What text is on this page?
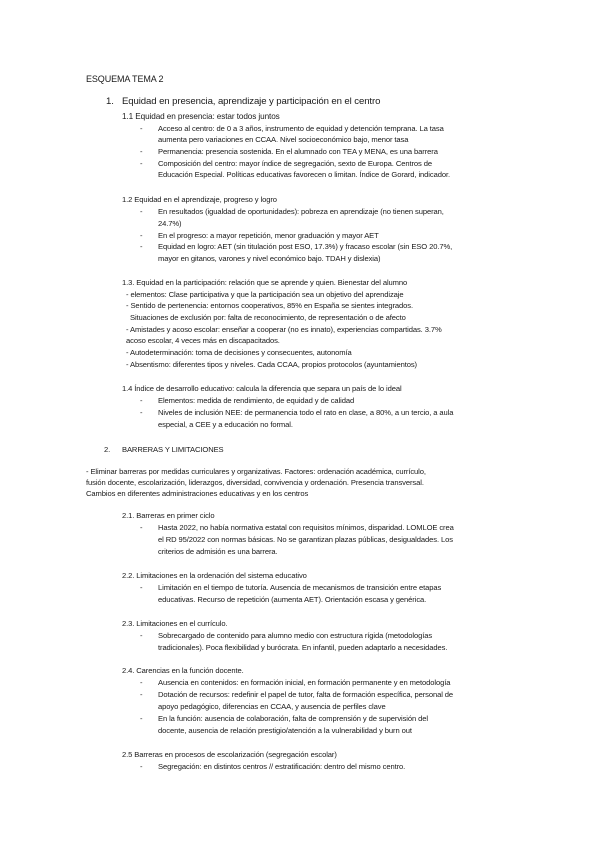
ESQUEMA TEMA 2
1. Equidad en presencia, aprendizaje y participación en el centro
1.1 Equidad en presencia: estar todos juntos
- Acceso al centro: de 0 a 3 años, instrumento de equidad y detención temprana. La tasa
aumenta pero variaciones en CCAA. Nivel socioeconómico bajo, menor tasa
- Permanencia: presencia sostenida. En el alumnado con TEA y MENA, es una barrera
- Composición del centro: mayor índice de segregación, sexto de Europa. Centros de
Educación Especial. Políticas educativas favorecen o limitan. Índice de Gorard, indicador.
1.2 Equidad en el aprendizaje, progreso y logro
- En resultados (igualdad de oportunidades): pobreza en aprendizaje (no tienen superan,
24.7%)
- En el progreso: a mayor repetición, menor graduación y mayor AET
- Equidad en logro: AET (sin titulación post ESO, 17.3%) y fracaso escolar (sin ESO 20.7%,
mayor en gitanos, varones y nivel económico bajo. TDAH y dislexia)
1.3. Equidad en la participación: relación que se aprende y quien. Bienestar del alumno
- elementos: Clase participativa y que la participación sea un objetivo del aprendizaje
- Sentido de pertenencia: entornos cooperativos, 85% en España se sientes integrados.
Situaciones de exclusión por: falta de reconocimiento, de representación o de afecto
- Amistades y acoso escolar: enseñar a cooperar (no es innato), experiencias compartidas. 3.7%
acoso escolar, 4 veces más en discapacitados.
- Autodeterminación: toma de decisiones y consecuentes, autonomía
- Absentismo: diferentes tipos y niveles. Cada CCAA, propios protocolos (ayuntamientos)
1.4 Índice de desarrollo educativo: calcula la diferencia que separa un país de lo ideal
- Elementos: medida de rendimiento, de equidad y de calidad
- Niveles de inclusión NEE: de permanencia todo el rato en clase, a 80%, a un tercio, a aula
especial, a CEE y a educación no formal.
2. BARRERAS Y LIMITACIONES
- Eliminar barreras por medidas curriculares y organizativas. Factores: ordenación académica, currículo,
fusión docente, escolarización, liderazgos, diversidad, convivencia y ordenación. Presencia transversal.
Cambios en diferentes administraciones educativas y en los centros
2.1. Barreras en primer ciclo
- Hasta 2022, no había normativa estatal con requisitos mínimos, disparidad. LOMLOE crea
el RD 95/2022 con normas básicas. No se garantizan plazas públicas, desigualdades. Los
criterios de admisión es una barrera.
2.2. Limitaciones en la ordenación del sistema educativo
- Limitación en el tiempo de tutoría. Ausencia de mecanismos de transición entre etapas
educativas. Recurso de repetición (aumenta AET). Orientación escasa y genérica.
2.3. Limitaciones en el currículo.
- Sobrecargado de contenido para alumno medio con estructura rígida (metodologías
tradicionales). Poca flexibilidad y burócrata. En infantil, pueden adaptarlo a necesidades.
2.4. Carencias en la función docente.
- Ausencia en contenidos: en formación inicial, en formación permanente y en metodología
- Dotación de recursos: redefinir el papel de tutor, falta de formación específica, personal de
apoyo pedagógico, diferencias en CCAA, y ausencia de perfiles clave
- En la función: ausencia de colaboración, falta de comprensión y de supervisión del
docente, ausencia de relación prestigio/atención a la vulnerabilidad y burn out
2.5 Barreras en procesos de escolarización (segregación escolar)
- Segregación: en distintos centros // estratificación: dentro del mismo centro.
